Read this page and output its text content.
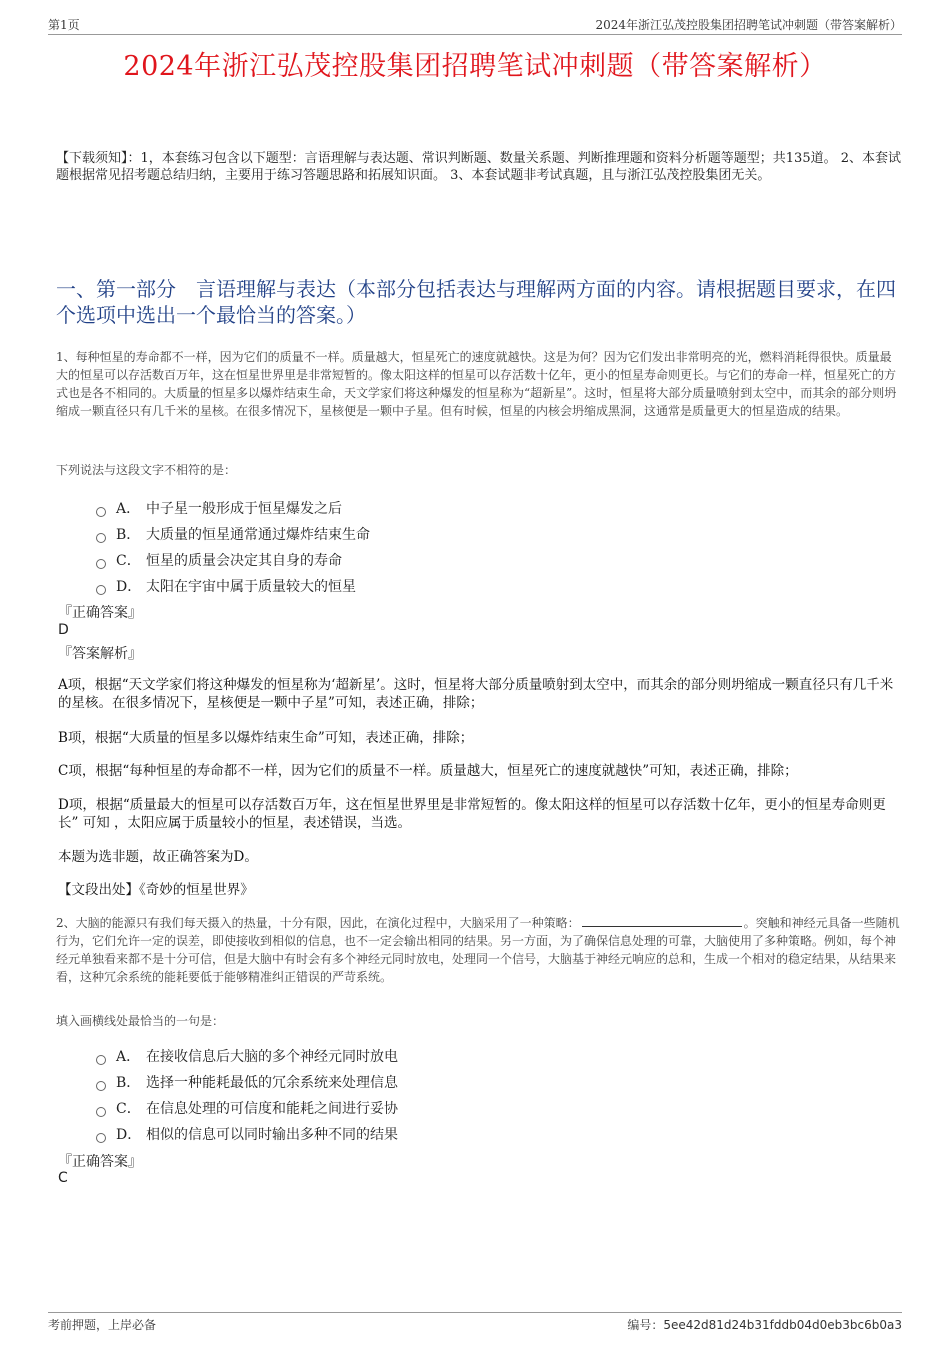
第1页	2024年浙江弘茂控股集团招聘笔试冲刺题（带答案解析）
2024年浙江弘茂控股集团招聘笔试冲刺题（带答案解析）
【下载须知】：1，本套练习包含以下题型：言语理解与表达题、常识判断题、数量关系题、判断推理题和资料分析题等题型；共135道。 2、本套试题根据常见招考题总结归纳，主要用于练习答题思路和拓展知识面。 3、本套试题非考试真题，且与浙江弘茂控股集团无关。
一、第一部分　言语理解与表达（本部分包括表达与理解两方面的内容。请根据题目要求，在四个选项中选出一个最恰当的答案。）
1、每种恒星的寿命都不一样，因为它们的质量不一样。质量越大，恒星死亡的速度就越快。这是为何？因为它们发出非常明亮的光，燃料消耗得很快。质量最大的恒星可以存活数百万年，这在恒星世界里是非常短暂的。像太阳这样的恒星可以存活数十亿年，更小的恒星寿命则更长。与它们的寿命一样，恒星死亡的方式也是各不相同的。大质量的恒星多以爆炸结束生命，天文学家们将这种爆发的恒星称为“超新星”。这时，恒星将大部分质量喷射到太空中，而其余的部分则坍缩成一颗直径只有几千米的星核。在很多情况下，星核便是一颗中子星。但有时候，恒星的内核会坍缩成黑洞，这通常是质量更大的恒星造成的结果。
下列说法与这段文字不相符的是：
A． 中子星一般形成于恒星爆发之后
B． 大质量的恒星通常通过爆炸结束生命
C． 恒星的质量会决定其自身的寿命
D． 太阳在宇宙中属于质量较大的恒星
『正确答案』
D
『答案解析』
A项，根据“天文学家们将这种爆发的恒星称为‘超新星’。这时，恒星将大部分质量喷射到太空中，而其余的部分则坍缩成一颗直径只有几千米的星核。在很多情况下，星核便是一颗中子星”可知，表述正确，排除；
B项，根据“大质量的恒星多以爆炸结束生命”可知，表述正确，排除；
C项，根据“每种恒星的寿命都不一样，因为它们的质量不一样。质量越大，恒星死亡的速度就越快”可知，表述正确，排除；
D项，根据“质量最大的恒星可以存活数百万年，这在恒星世界里是非常短暂的。像太阳这样的恒星可以存活数十亿年，更小的恒星寿命则更长” 可知 ，太阳应属于质量较小的恒星，表述错误，当选。
本题为选非题，故正确答案为D。
【文段出处】《奇妙的恒星世界》
2、大脑的能源只有我们每天摄入的热量，十分有限，因此，在演化过程中，大脑采用了一种策略：	。突触和神经元具备一些随机行为，它们允许一定的误差，即使接收到相似的信息，也不一定会输出相同的结果。另一方面，为了确保信息处理的可靠，大脑使用了多种策略。例如，每个神经元单独看来都不是十分可信，但是大脑中有时会有多个神经元同时放电，处理同一个信号，大脑基于神经元响应的总和，生成一个相对的稳定结果，从结果来看，这种冗余系统的能耗要低于能够精准纠正错误的严苛系统。
填入画横线处最恰当的一句是：
A． 在接收信息后大脑的多个神经元同时放电
B． 选择一种能耗最低的冗余系统来处理信息
C． 在信息处理的可信度和能耗之间进行妥协
D． 相似的信息可以同时输出多种不同的结果
『正确答案』
C
考前押题，上岸必备	编号：5ee42d81d24b31fddb04d0eb3bc6b0a3
